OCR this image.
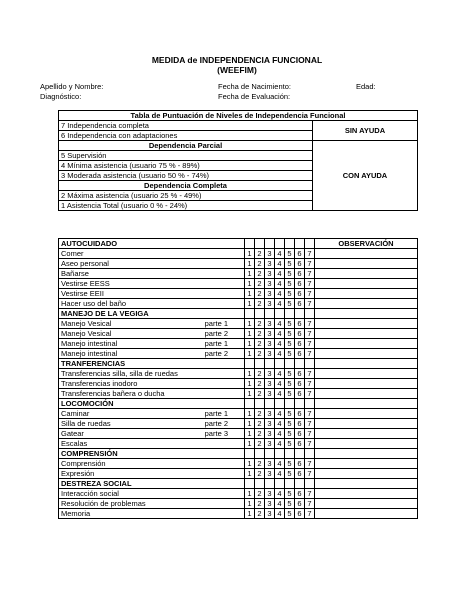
MEDIDA de INDEPENDENCIA FUNCIONAL
(WEEFIM)
Apellido y Nombre:	Fecha de Nacimiento:	Edad:
Diagnóstico:	Fecha de Evaluación:
Tabla de Puntuación de Niveles de Independencia Funcional	
7 Independencia completa	SIN AYUDA
6 Independencia con adaptaciones	
Dependencia Parcial	CON AYUDA
5 Supervisión	
4 Mínima asistencia (usuario 75 % - 89%)	
3 Moderada asistencia (usuario 50 % - 74%)	
Dependencia Completa	
2 Máxima asistencia (usuario 25 % - 49%)	
1 Asistencia Total (usuario 0 % - 24%)	
AUTOCUIDADO								OBSERVACIÓN

Comer	1	2	3	4	5	6	7	

Aseo personal	1	2	3	4	5	6	7	

Bañarse	1	2	3	4	5	6	7	

Vestirse EESS	1	2	3	4	5	6	7	

Vestirse EEII	1	2	3	4	5	6	7	

Hacer uso del baño	1	2	3	4	5	6	7	
MANEJO DE LA VEGIGA								

Manejo Vesical parte 1	1	2	3	4	5	6	7	

Manejo Vesical parte 2	1	2	3	4	5	6	7	

Manejo intestinal parte 1	1	2	3	4	5	6	7	

Manejo intestinal parte 2	1	2	3	4	5	6	7	
TRANFERENCIAS								

Transferencias silla, silla de ruedas	1	2	3	4	5	6	7	

Transferencias inodoro	1	2	3	4	5	6	7	

Transferencias bañera o ducha	1	2	3	4	5	6	7	
LOCOMOCIÓN								

Caminar parte 1	1	2	3	4	5	6	7	

Silla de ruedas parte 2	1	2	3	4	5	6	7	

Gatear parte 3	1	2	3	4	5	6	7	

Escalas	1	2	3	4	5	6	7	
COMPRENSIÓN								

Comprensión	1	2	3	4	5	6	7	

Expresión	1	2	3	4	5	6	7	
DESTREZA SOCIAL								

Interacción social	1	2	3	4	5	6	7	

Resolución de problemas	1	2	3	4	5	6	7	

Memoria	1	2	3	4	5	6	7	
